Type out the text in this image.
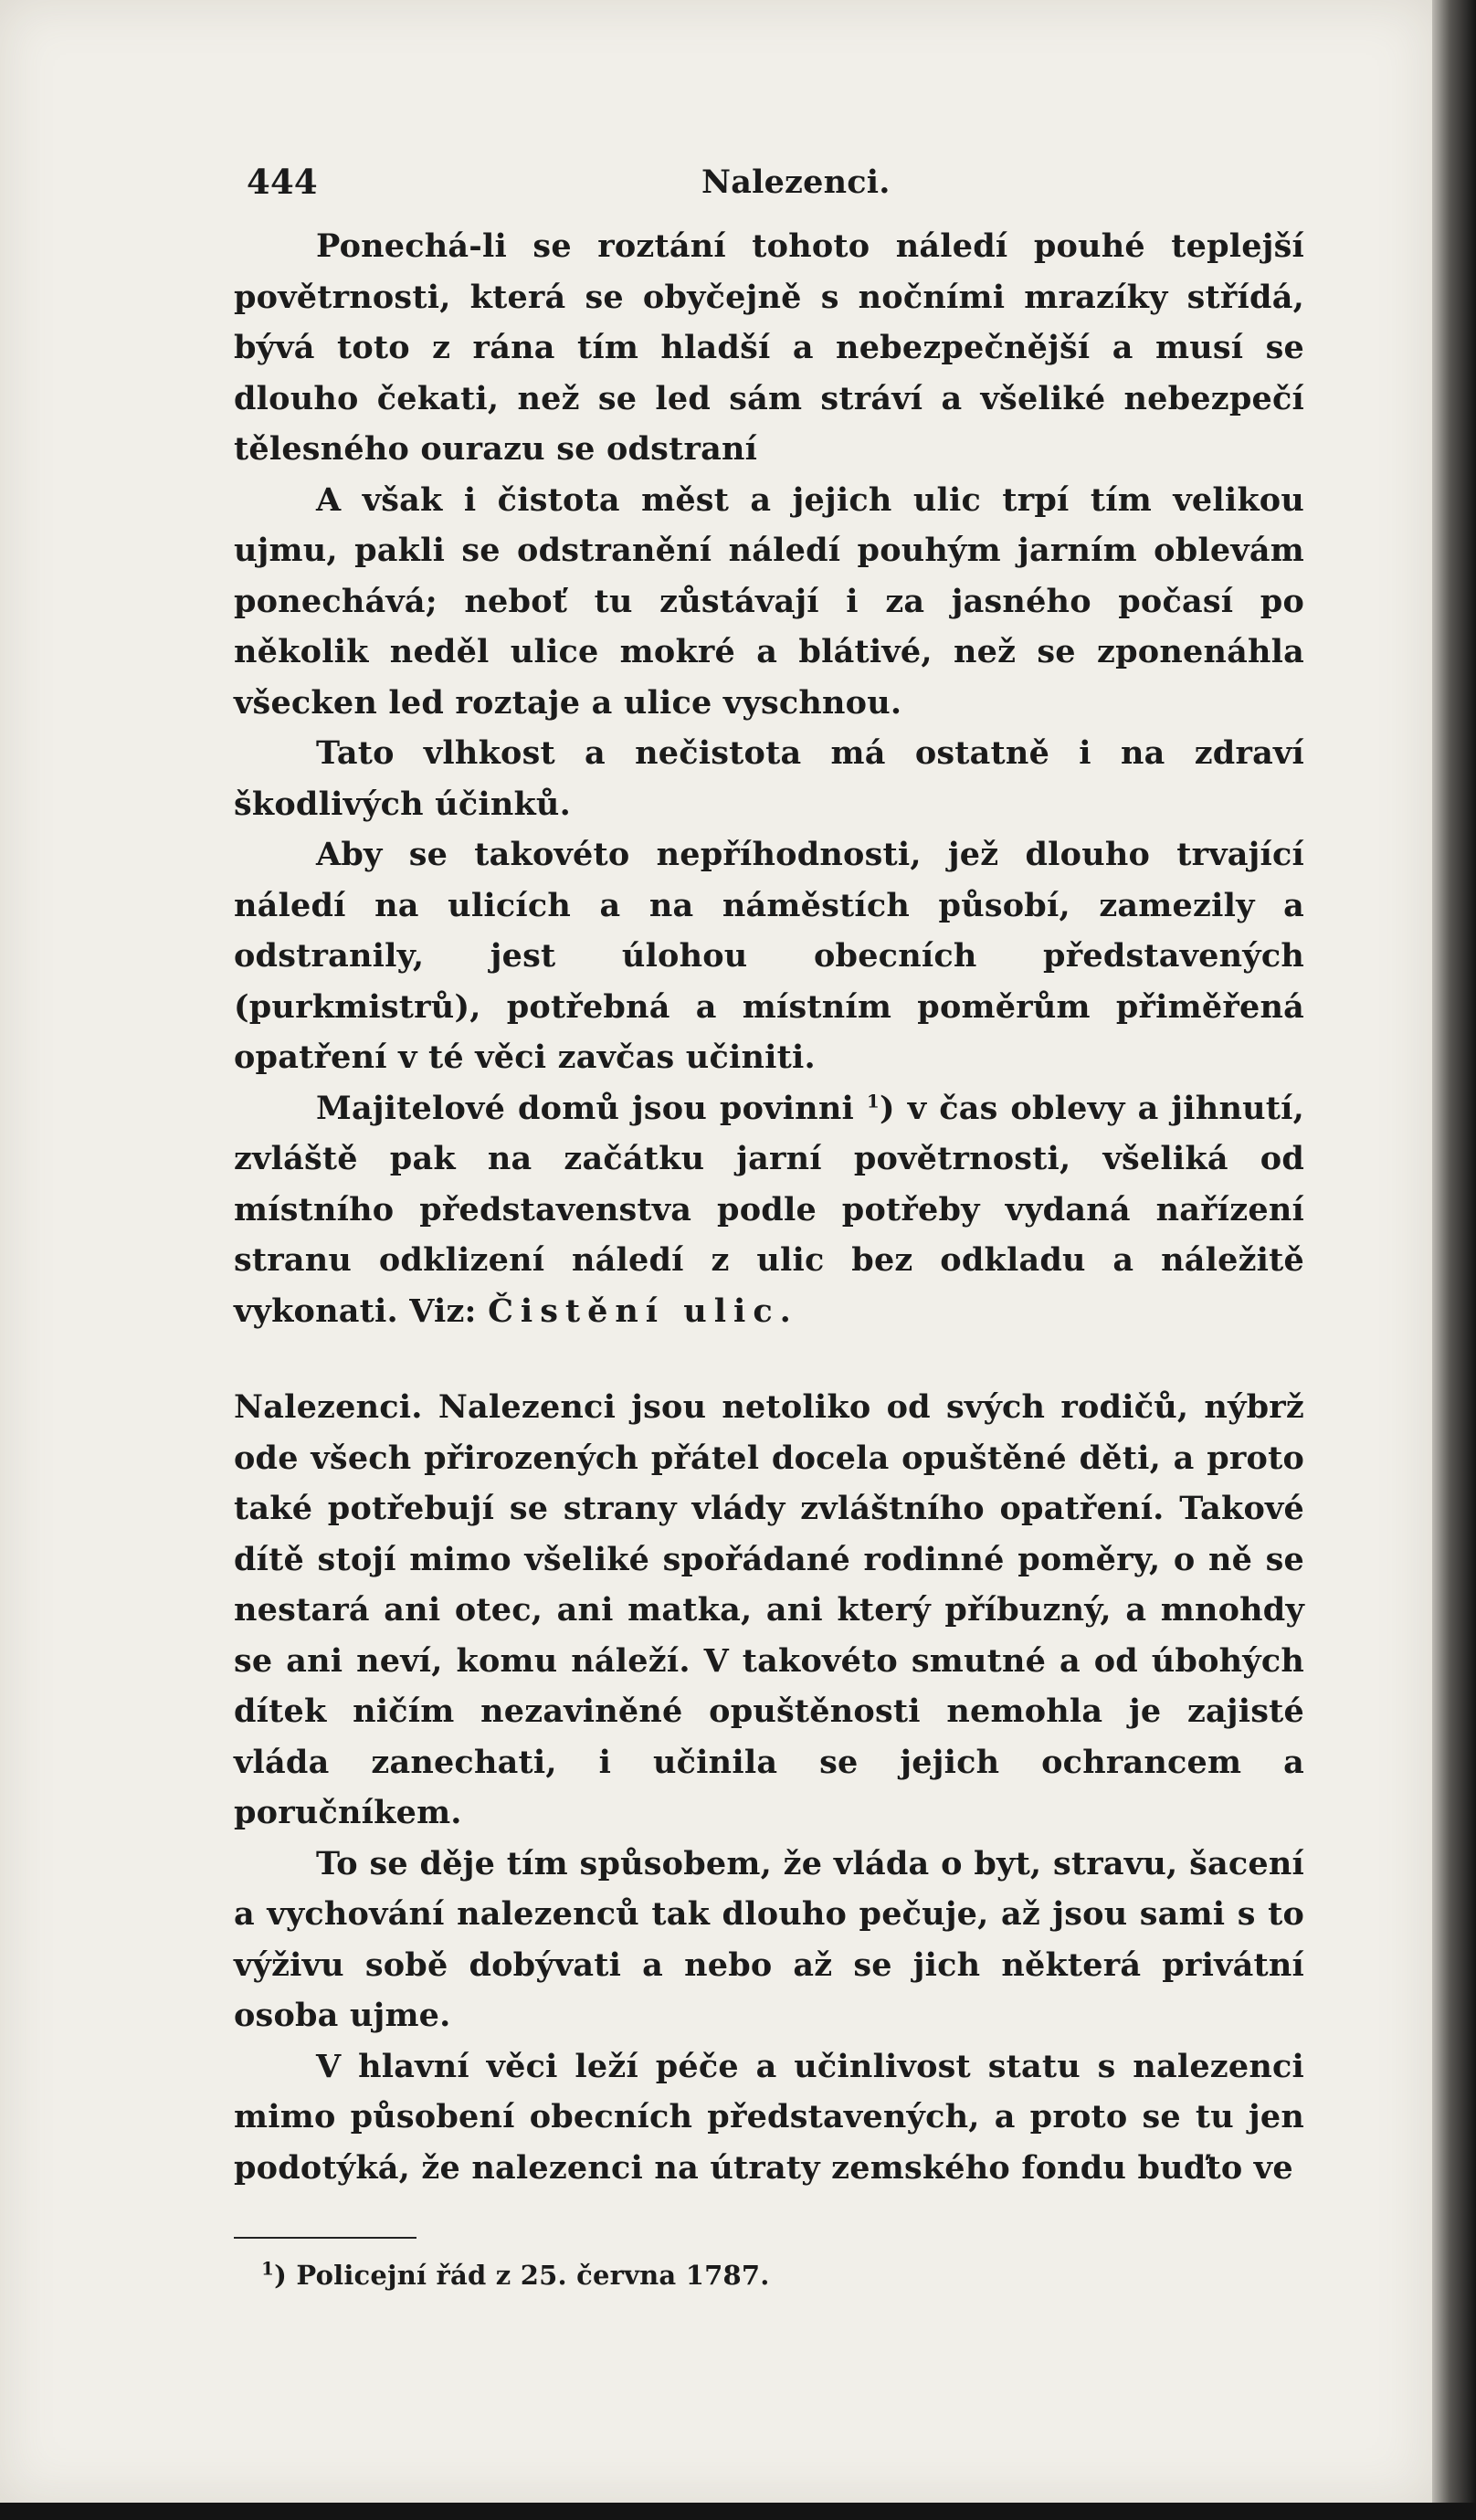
444	Nalezenci.

Ponechá-li se roztání tohoto náledí pouhé teplejší povětrnosti, která se obyčejně s nočními mrazíky střídá, bývá toto z rána tím hladší a nebezpečnější a musí se dlouho čekati, než se led sám stráví a všeliké nebezpečí tělesného ourazu se odstraní

A však i čistota měst a jejich ulic trpí tím velikou ujmu, pakli se odstranění náledí pouhým jarním oblevám ponechává; neboť tu zůstávají i za jasného počasí po několik neděl ulice mokré a blátivé, než se zponenáhla všecken led roztaje a ulice vyschnou.

Tato vlhkost a nečistota má ostatně i na zdraví škodlivých účinků.

Aby se takovéto nepříhodnosti, jež dlouho trvající náledí na ulicích a na náměstích působí, zamezily a odstranily, jest úlohou obecních představených (purkmistrů), potřebná a místním poměrům přiměřená opatření v té věci zavčas učiniti.

Majitelové domů jsou povinni $^1$) v čas oblevy a jihnutí, zvláště pak na začátku jarní povětrnosti, všeliká od místního představenstva podle potřeby vydaná nařízení stranu odklizení náledí z ulic bez odkladu a náležitě vykonati. Viz: Čistění ulic.

Nalezenci. Nalezenci jsou netoliko od svých rodičů, nýbrž ode všech přirozených přátel docela opuštěné děti, a proto také potřebují se strany vlády zvláštního opatření. Takové dítě stojí mimo všeliké spořádané rodinné poměry, o ně se nestará ani otec, ani matka, ani který příbuzný, a mnohdy se ani neví, komu náleží. V takovéto smutné a od úbohých dítek ničím nezaviněné opuštěnosti nemohla je zajisté vláda zanechati, i učinila se jejich ochrancem a poručníkem.

To se děje tím spůsobem, že vláda o byt, stravu, šacení a vychování nalezenců tak dlouho pečuje, až jsou sami s to výživu sobě dobývati a nebo až se jich některá privátní osoba ujme.

V hlavní věci leží péče a učinlivost statu s nalezenci mimo působení obecních představených, a proto se tu jen podotýká, že nalezenci na útraty zemského fondu buďto ve

$^1$) Policejní řád z 25. června 1787.
